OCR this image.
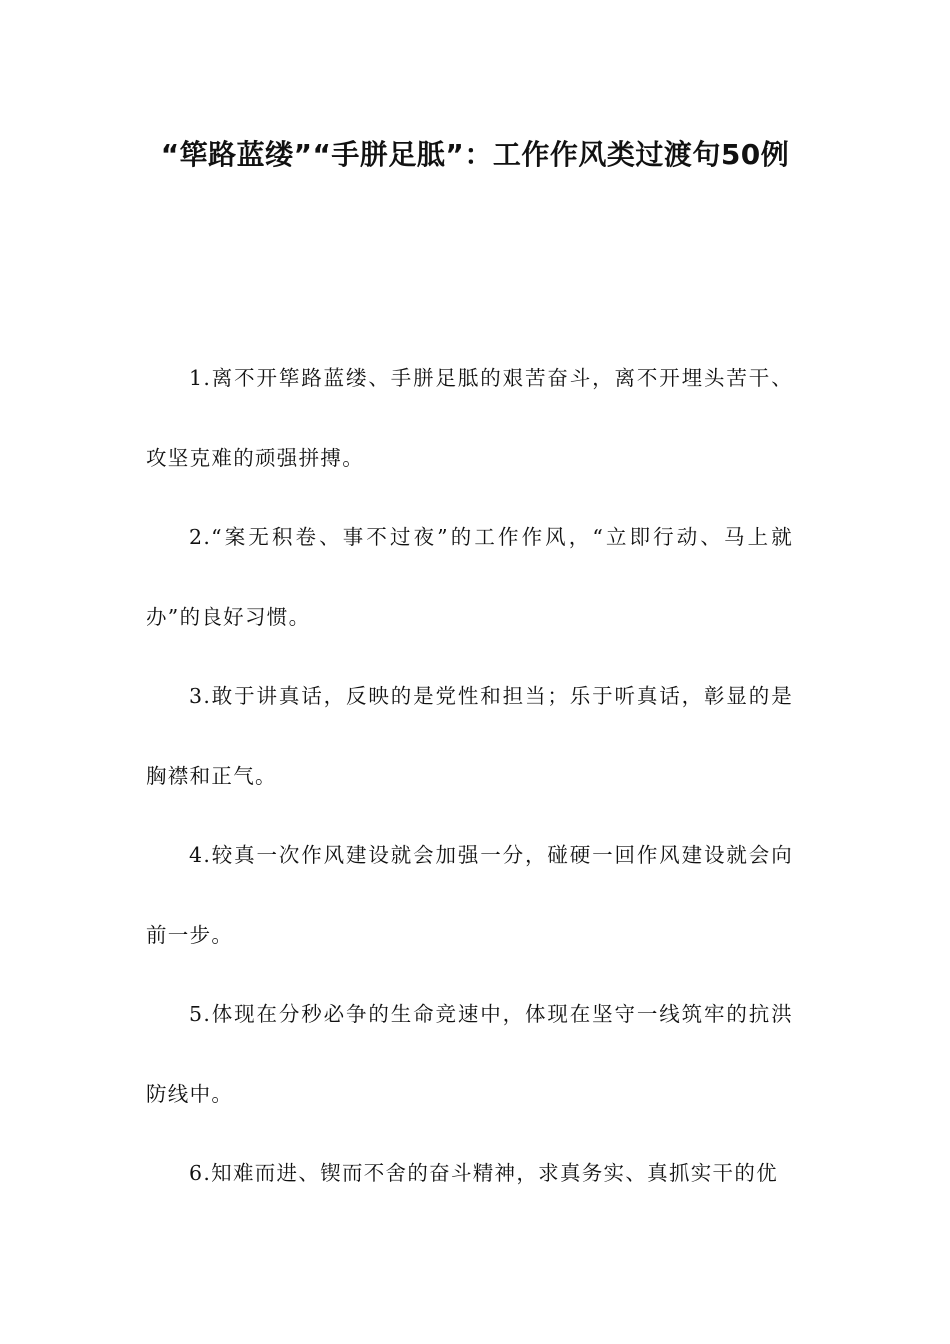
“筚路蓝缕”“手胼足胝”：工作作风类过渡句50例

1.离不开筚路蓝缕、手胼足胝的艰苦奋斗，离不开埋头苦干、攻坚克难的顽强拼搏。

2.“案无积卷、事不过夜”的工作作风，“立即行动、马上就办”的良好习惯。

3.敢于讲真话，反映的是党性和担当；乐于听真话，彰显的是胸襟和正气。

4.较真一次作风建设就会加强一分，碰硬一回作风建设就会向前一步。

5.体现在分秒必争的生命竞速中，体现在坚守一线筑牢的抗洪防线中。

6.知难而进、锲而不舍的奋斗精神，求真务实、真抓实干的优
